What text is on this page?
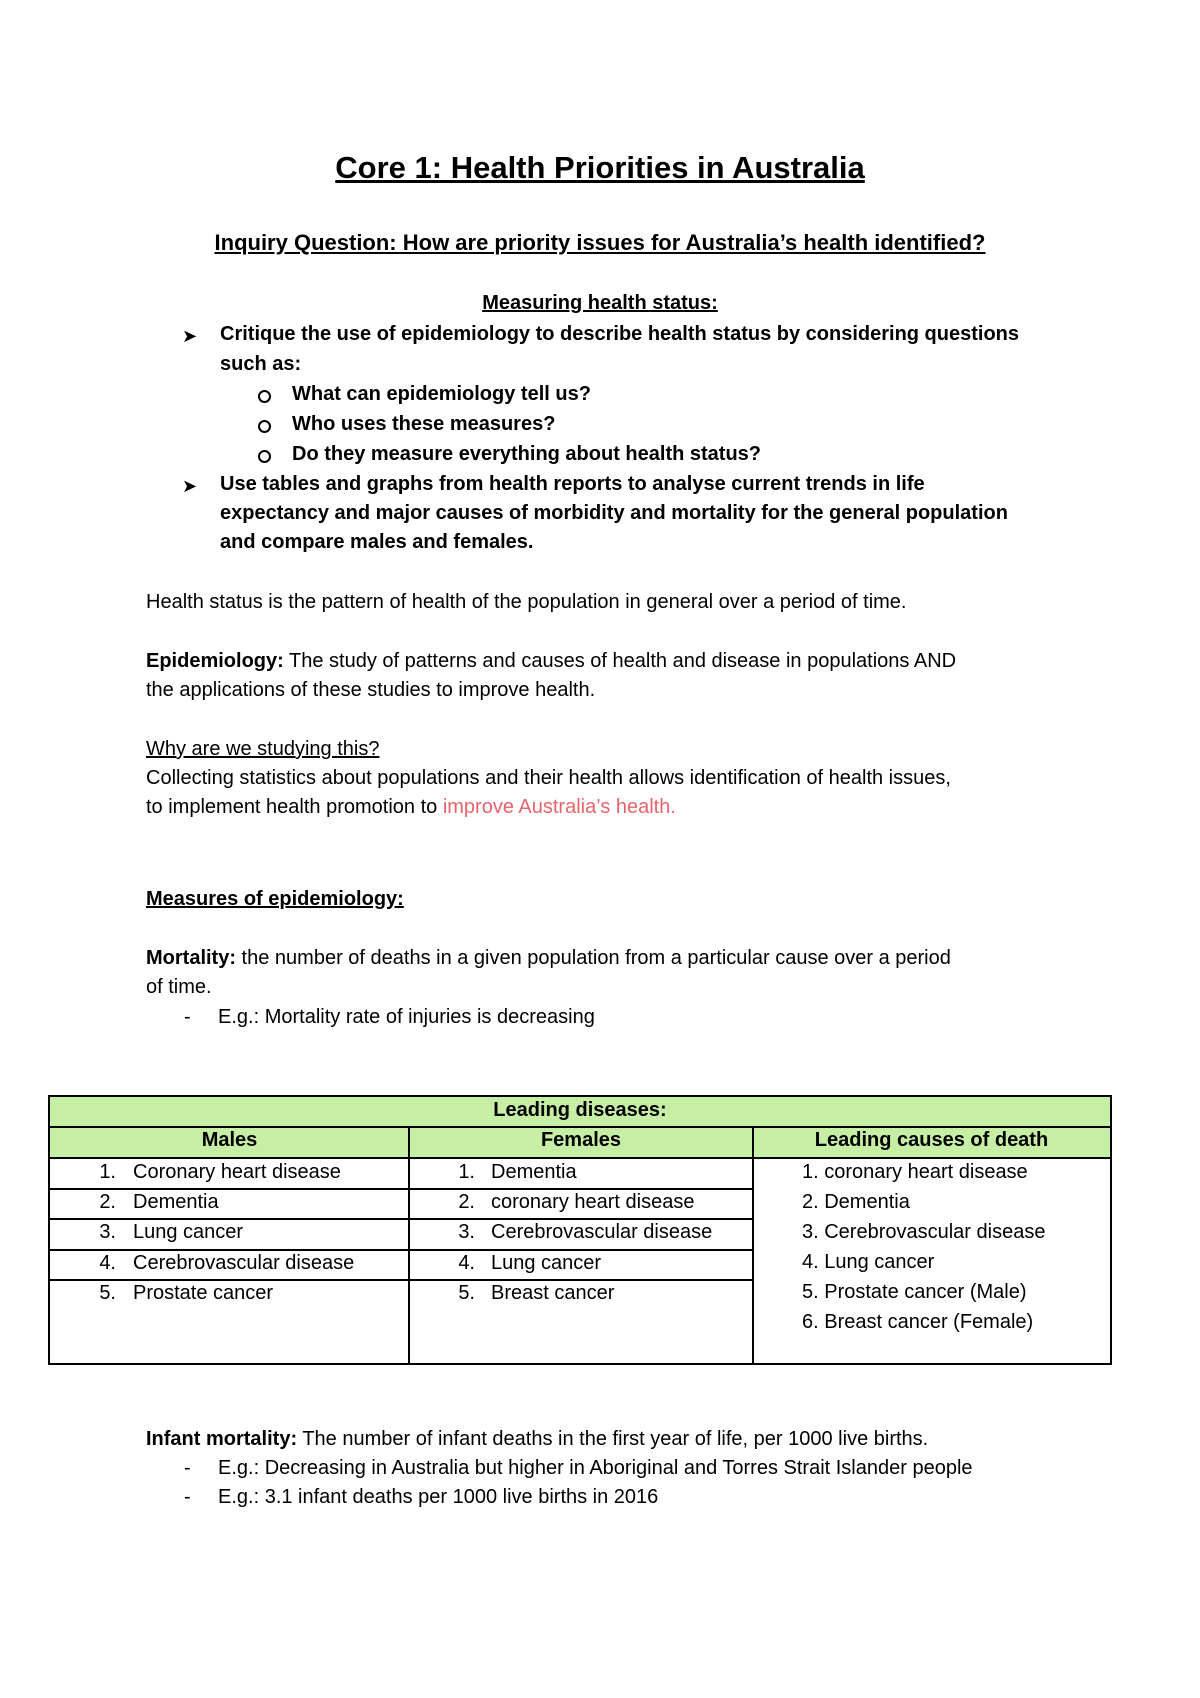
Core 1: Health Priorities in Australia
Inquiry Question: How are priority issues for Australia’s health identified?
Measuring health status:
➤ Critique the use of epidemiology to describe health status by considering questions
such as:
What can epidemiology tell us?
Who uses these measures?
Do they measure everything about health status?
➤ Use tables and graphs from health reports to analyse current trends in life
expectancy and major causes of morbidity and mortality for the general population
and compare males and females.
Health status is the pattern of health of the population in general over a period of time.
Epidemiology: The study of patterns and causes of health and disease in populations AND
the applications of these studies to improve health.
Why are we studying this?
Collecting statistics about populations and their health allows identification of health issues,
to implement health promotion to improve Australia’s health.
Measures of epidemiology:
Mortality: the number of deaths in a given population from a particular cause over a period
of time.
- E.g.: Mortality rate of injuries is decreasing
Leading diseases:
Males	Females	Leading causes of death
1. Coronary heart disease
2. Dementia
3. Lung cancer
4. Cerebrovascular disease
5. Prostate cancer
1. Dementia
2. coronary heart disease
3. Cerebrovascular disease
4. Lung cancer
5. Breast cancer
1. coronary heart disease
2. Dementia
3. Cerebrovascular disease
4. Lung cancer
5. Prostate cancer (Male)
6. Breast cancer (Female)
Infant mortality: The number of infant deaths in the first year of life, per 1000 live births.
- E.g.: Decreasing in Australia but higher in Aboriginal and Torres Strait Islander people
- E.g.: 3.1 infant deaths per 1000 live births in 2016
